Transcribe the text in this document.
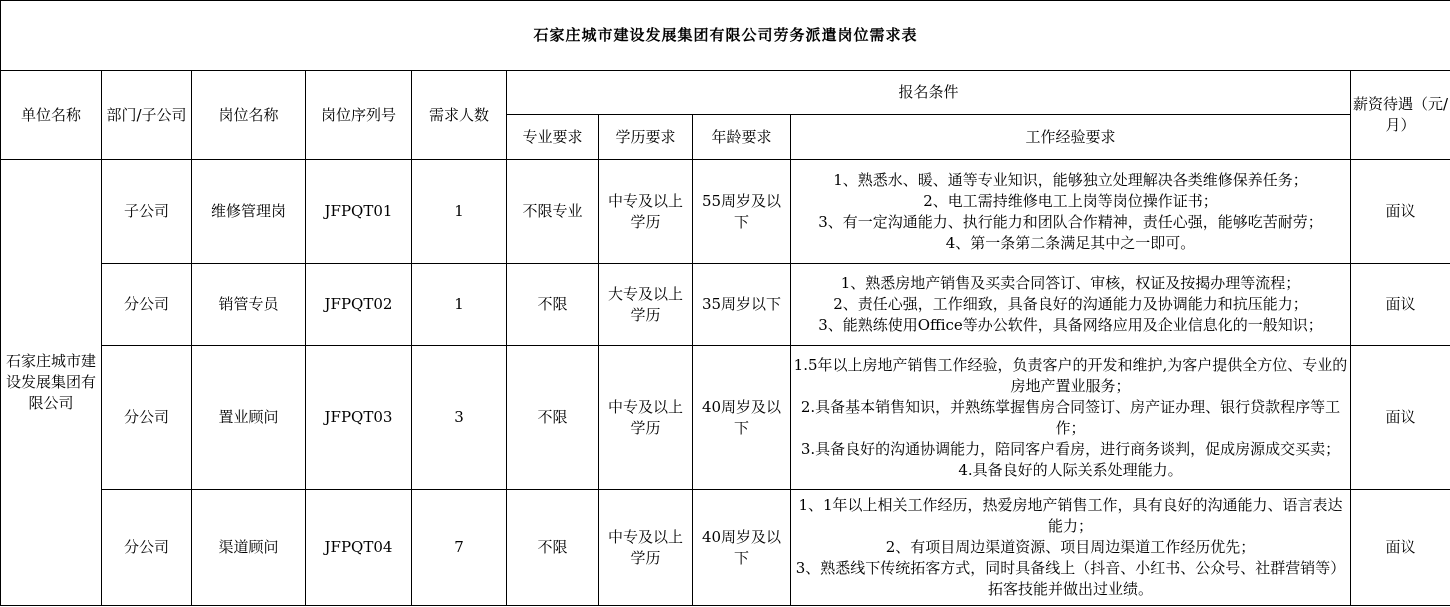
石家庄城市建设发展集团有限公司劳务派遣岗位需求表									
单位名称	部门/子公司	岗位名称	岗位序列号	需求人数	报名条件				薪资待遇（元/月）
					专业要求	学历要求	年龄要求	工作经验要求	
石家庄城市建设发展集团有限公司	子公司	维修管理岗	JFPQT01	1	不限专业	中专及以上学历	55周岁及以下	1、熟悉水、暖、通等专业知识，能够独立处理解决各类维修保养任务；
2、电工需持维修电工上岗等岗位操作证书；
3、有一定沟通能力、执行能力和团队合作精神，责任心强，能够吃苦耐劳；
4、第一条第二条满足其中之一即可。	面议
	分公司	销管专员	JFPQT02	1	不限	大专及以上学历	35周岁以下	1、熟悉房地产销售及买卖合同答订、审核，权证及按揭办理等流程；
2、责任心强，工作细致，具备良好的沟通能力及协调能力和抗压能力；
3、能熟练使用Office等办公软件，具备网络应用及企业信息化的一般知识；	面议
	分公司	置业顾问	JFPQT03	3	不限	中专及以上学历	40周岁及以下	1.5年以上房地产销售工作经验，负责客户的开发和维护,为客户提供全方位、专业的房地产置业服务；
2.具备基本销售知识，并熟练掌握售房合同签订、房产证办理、银行贷款程序等工作；
3.具备良好的沟通协调能力，陪同客户看房，进行商务谈判，促成房源成交买卖；
4.具备良好的人际关系处理能力。	面议
	分公司	渠道顾问	JFPQT04	7	不限	中专及以上学历	40周岁及以下	1、1年以上相关工作经历，热爱房地产销售工作，具有良好的沟通能力、语言表达能力；
2、有项目周边渠道资源、项目周边渠道工作经历优先；
3、熟悉线下传统拓客方式，同时具备线上（抖音、小红书、公众号、社群营销等）拓客技能并做出过业绩。	面议
